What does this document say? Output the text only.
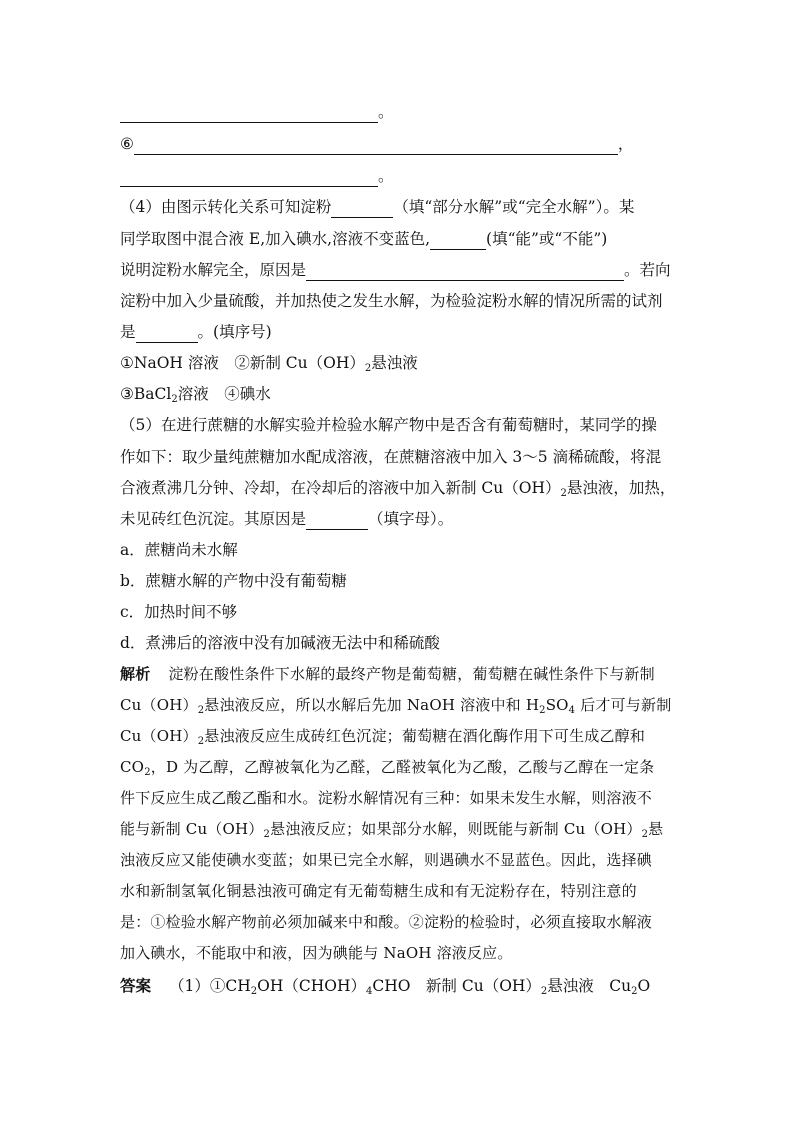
。
⑥	，
。
（4）由图示转化关系可知淀粉	（填“部分水解”或“完全水解”）。某
同学取图中混合液 E,加入碘水,溶液不变蓝色,	(填“能”或“不能”)
说明淀粉水解完全，原因是	。若向
淀粉中加入少量硫酸，并加热使之发生水解，为检验淀粉水解的情况所需的试剂
是	。(填序号)
①NaOH 溶液　②新制 $Cu(OH)_2$悬浊液
③BaCl$_2$溶液　④碘水
（5）在进行蔗糖的水解实验并检验水解产物中是否含有葡萄糖时，某同学的操
作如下：取少量纯蔗糖加水配成溶液，在蔗糖溶液中加入 3～5 滴稀硫酸，将混
合液煮沸几分钟、冷却，在冷却后的溶液中加入新制 $Cu(OH)_2$悬浊液，加热，
未见砖红色沉淀。其原因是	（填字母）。
a．蔗糖尚未水解
b．蔗糖水解的产物中没有葡萄糖
c．加热时间不够
d．煮沸后的溶液中没有加碱液无法中和稀硫酸
解析 淀粉在酸性条件下水解的最终产物是葡萄糖，葡萄糖在碱性条件下与新制
$Cu(OH)_2$悬浊液反应，所以水解后先加 NaOH 溶液中和 $H_2SO_4$ 后才可与新制
$Cu(OH)_2$悬浊液反应生成砖红色沉淀；葡萄糖在酒化酶作用下可生成乙醇和
$CO_2$，D 为乙醇，乙醇被氧化为乙醛，乙醛被氧化为乙酸，乙酸与乙醇在一定条
件下反应生成乙酸乙酯和水。淀粉水解情况有三种：如果未发生水解，则溶液不
能与新制 $Cu(OH)_2$悬浊液反应；如果部分水解，则既能与新制 $Cu(OH)_2$悬
浊液反应又能使碘水变蓝；如果已完全水解，则遇碘水不显蓝色。因此，选择碘
水和新制氢氧化铜悬浊液可确定有无葡萄糖生成和有无淀粉存在，特别注意的
是：①检验水解产物前必须加碱来中和酸。②淀粉的检验时，必须直接取水解液
加入碘水，不能取中和液，因为碘能与 NaOH 溶液反应。
答案 $(1)①CH_2OH(CHOH)_4CHO$　新制 $Cu(OH)_2$悬浊液　$Cu_2O$
